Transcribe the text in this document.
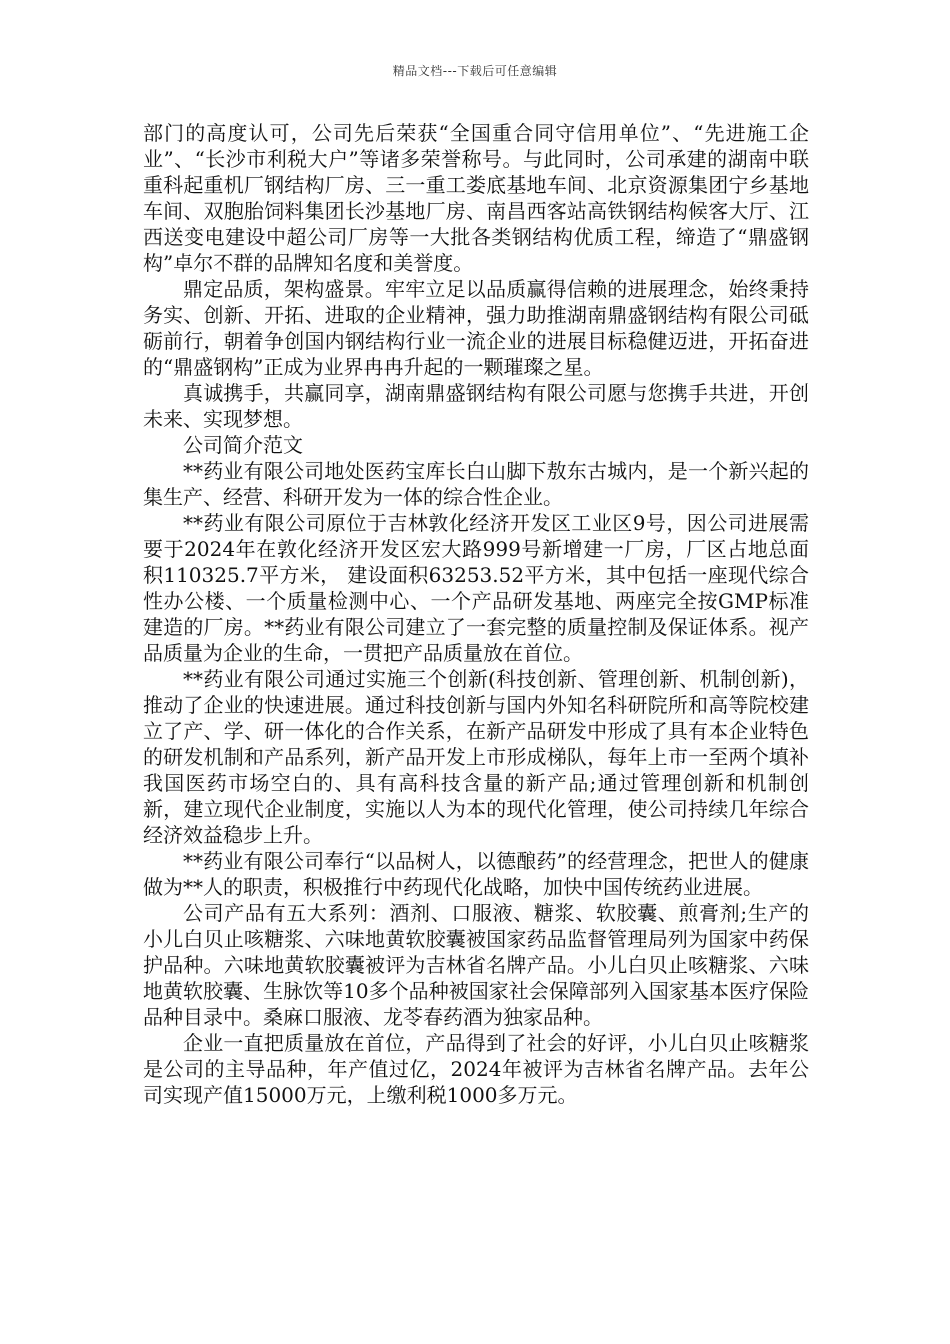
精品文档---下载后可任意编辑

部门的高度认可，公司先后荣获“全国重合同守信用单位”、“先进施工企业”、“长沙市利税大户”等诸多荣誉称号。与此同时，公司承建的湖南中联重科起重机厂钢结构厂房、三一重工娄底基地车间、北京资源集团宁乡基地车间、双胞胎饲料集团长沙基地厂房、南昌西客站高铁钢结构候客大厅、江西送变电建设中超公司厂房等一大批各类钢结构优质工程，缔造了“鼎盛钢构”卓尔不群的品牌知名度和美誉度。

鼎定品质，架构盛景。牢牢立足以品质赢得信赖的进展理念，始终秉持务实、创新、开拓、进取的企业精神，强力助推湖南鼎盛钢结构有限公司砥砺前行，朝着争创国内钢结构行业一流企业的进展目标稳健迈进，开拓奋进的“鼎盛钢构”正成为业界冉冉升起的一颗璀璨之星。

真诚携手，共赢同享，湖南鼎盛钢结构有限公司愿与您携手共进，开创未来、实现梦想。

公司简介范文

**药业有限公司地处医药宝库长白山脚下敖东古城内，是一个新兴起的集生产、经营、科研开发为一体的综合性企业。

**药业有限公司原位于吉林敦化经济开发区工业区9号，因公司进展需要于2024年在敦化经济开发区宏大路999号新增建一厂房，厂区占地总面积110325.7平方米， 建设面积63253.52平方米，其中包括一座现代综合性办公楼、一个质量检测中心、一个产品研发基地、两座完全按GMP标准建造的厂房。**药业有限公司建立了一套完整的质量控制及保证体系。视产品质量为企业的生命，一贯把产品质量放在首位。

**药业有限公司通过实施三个创新(科技创新、管理创新、机制创新)，推动了企业的快速进展。通过科技创新与国内外知名科研院所和高等院校建立了产、学、研一体化的合作关系，在新产品研发中形成了具有本企业特色的研发机制和产品系列，新产品开发上市形成梯队，每年上市一至两个填补我国医药市场空白的、具有高科技含量的新产品;通过管理创新和机制创新，建立现代企业制度，实施以人为本的现代化管理，使公司持续几年综合经济效益稳步上升。

**药业有限公司奉行“以品树人，以德酿药”的经营理念，把世人的健康做为**人的职责，积极推行中药现代化战略，加快中国传统药业进展。

公司产品有五大系列：酒剂、口服液、糖浆、软胶囊、煎膏剂;生产的小儿白贝止咳糖浆、六味地黄软胶囊被国家药品监督管理局列为国家中药保护品种。六味地黄软胶囊被评为吉林省名牌产品。小儿白贝止咳糖浆、六味地黄软胶囊、生脉饮等10多个品种被国家社会保障部列入国家基本医疗保险品种目录中。桑麻口服液、龙苓春药酒为独家品种。

企业一直把质量放在首位，产品得到了社会的好评，小儿白贝止咳糖浆是公司的主导品种，年产值过亿，2024年被评为吉林省名牌产品。去年公司实现产值15000万元，上缴利税1000多万元。
